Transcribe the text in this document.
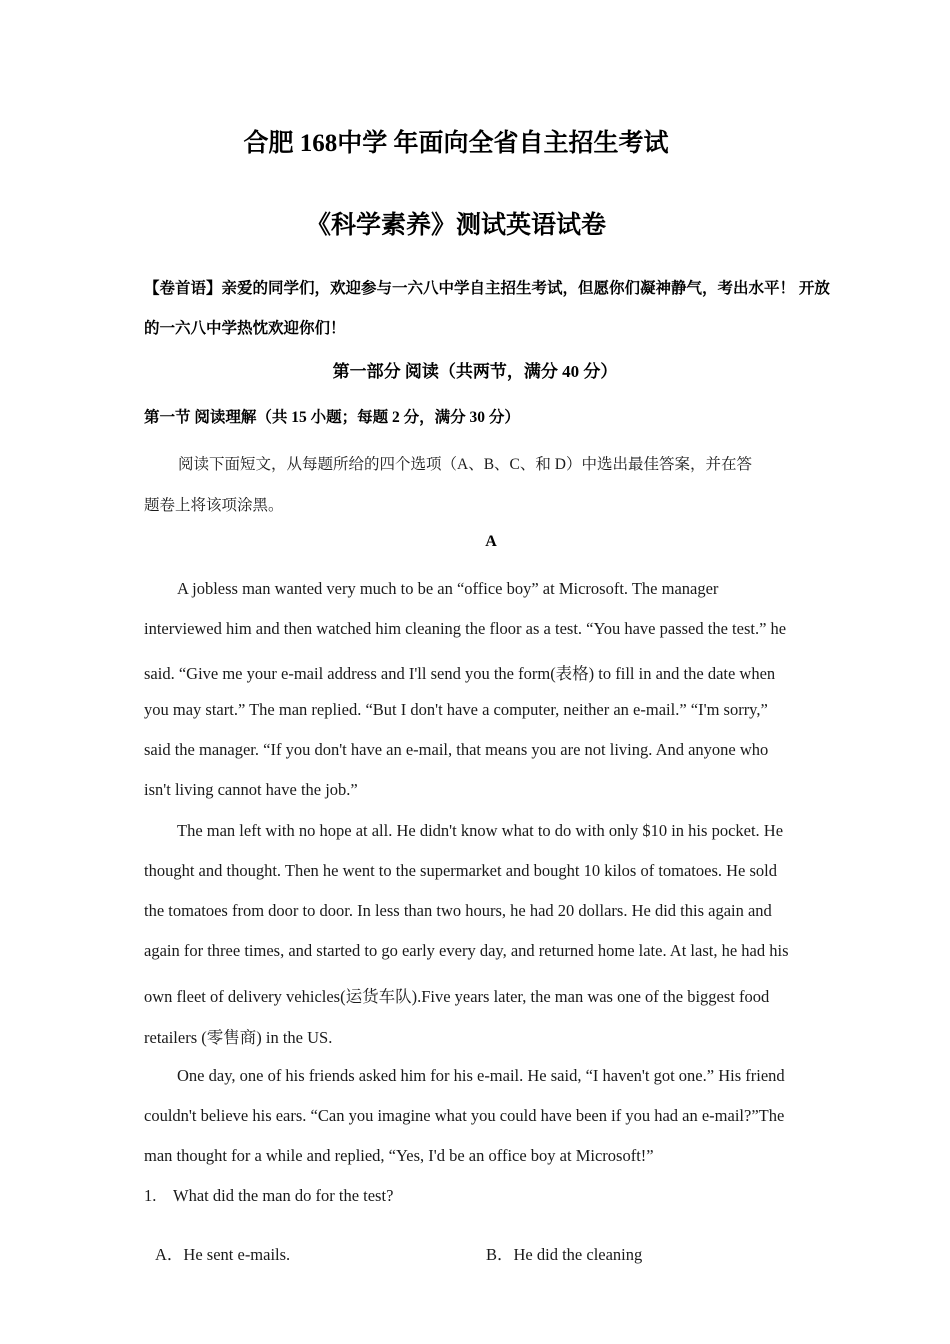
合肥 168中学 年面向全省自主招生考试
《科学素养》测试英语试卷
【卷首语】亲爱的同学们，欢迎参与一六八中学自主招生考试，但愿你们凝神静气，考出水平！ 开放
的一六八中学热忱欢迎你们！
第一部分 阅读（共两节，满分 40 分）
第一节 阅读理解（共 15 小题；每题 2 分，满分 30 分）
阅读下面短文，从每题所给的四个选项（A、B、C、和 D）中选出最佳答案，并在答
题卷上将该项涂黑。
A
A jobless man wanted very much to be an “office boy” at Microsoft. The manager
interviewed him and then watched him cleaning the floor as a test. “You have passed the test.” he
said. “Give me your e-mail address and I'll send you the form(表格) to fill in and the date when
you may start.” The man replied. “But I don't have a computer, neither an e-mail.” “I'm sorry,”
said the manager. “If you don't have an e-mail, that means you are not living. And anyone who
isn't living cannot have the job.”
The man left with no hope at all. He didn't know what to do with only $10 in his pocket. He
thought and thought. Then he went to the supermarket and bought 10 kilos of tomatoes. He sold
the tomatoes from door to door. In less than two hours, he had 20 dollars. He did this again and
again for three times, and started to go early every day, and returned home late. At last, he had his
own fleet of delivery vehicles(运货车队).Five years later, the man was one of the biggest food
retailers (零售商) in the US.
One day, one of his friends asked him for his e-mail. He said, “I haven't got one.” His friend
couldn't believe his ears. “Can you imagine what you could have been if you had an e-mail?”The
man thought for a while and replied, “Yes, I'd be an office boy at Microsoft!”
1. What did the man do for the test?
A．He sent e-mails.	B．He did the cleaning
